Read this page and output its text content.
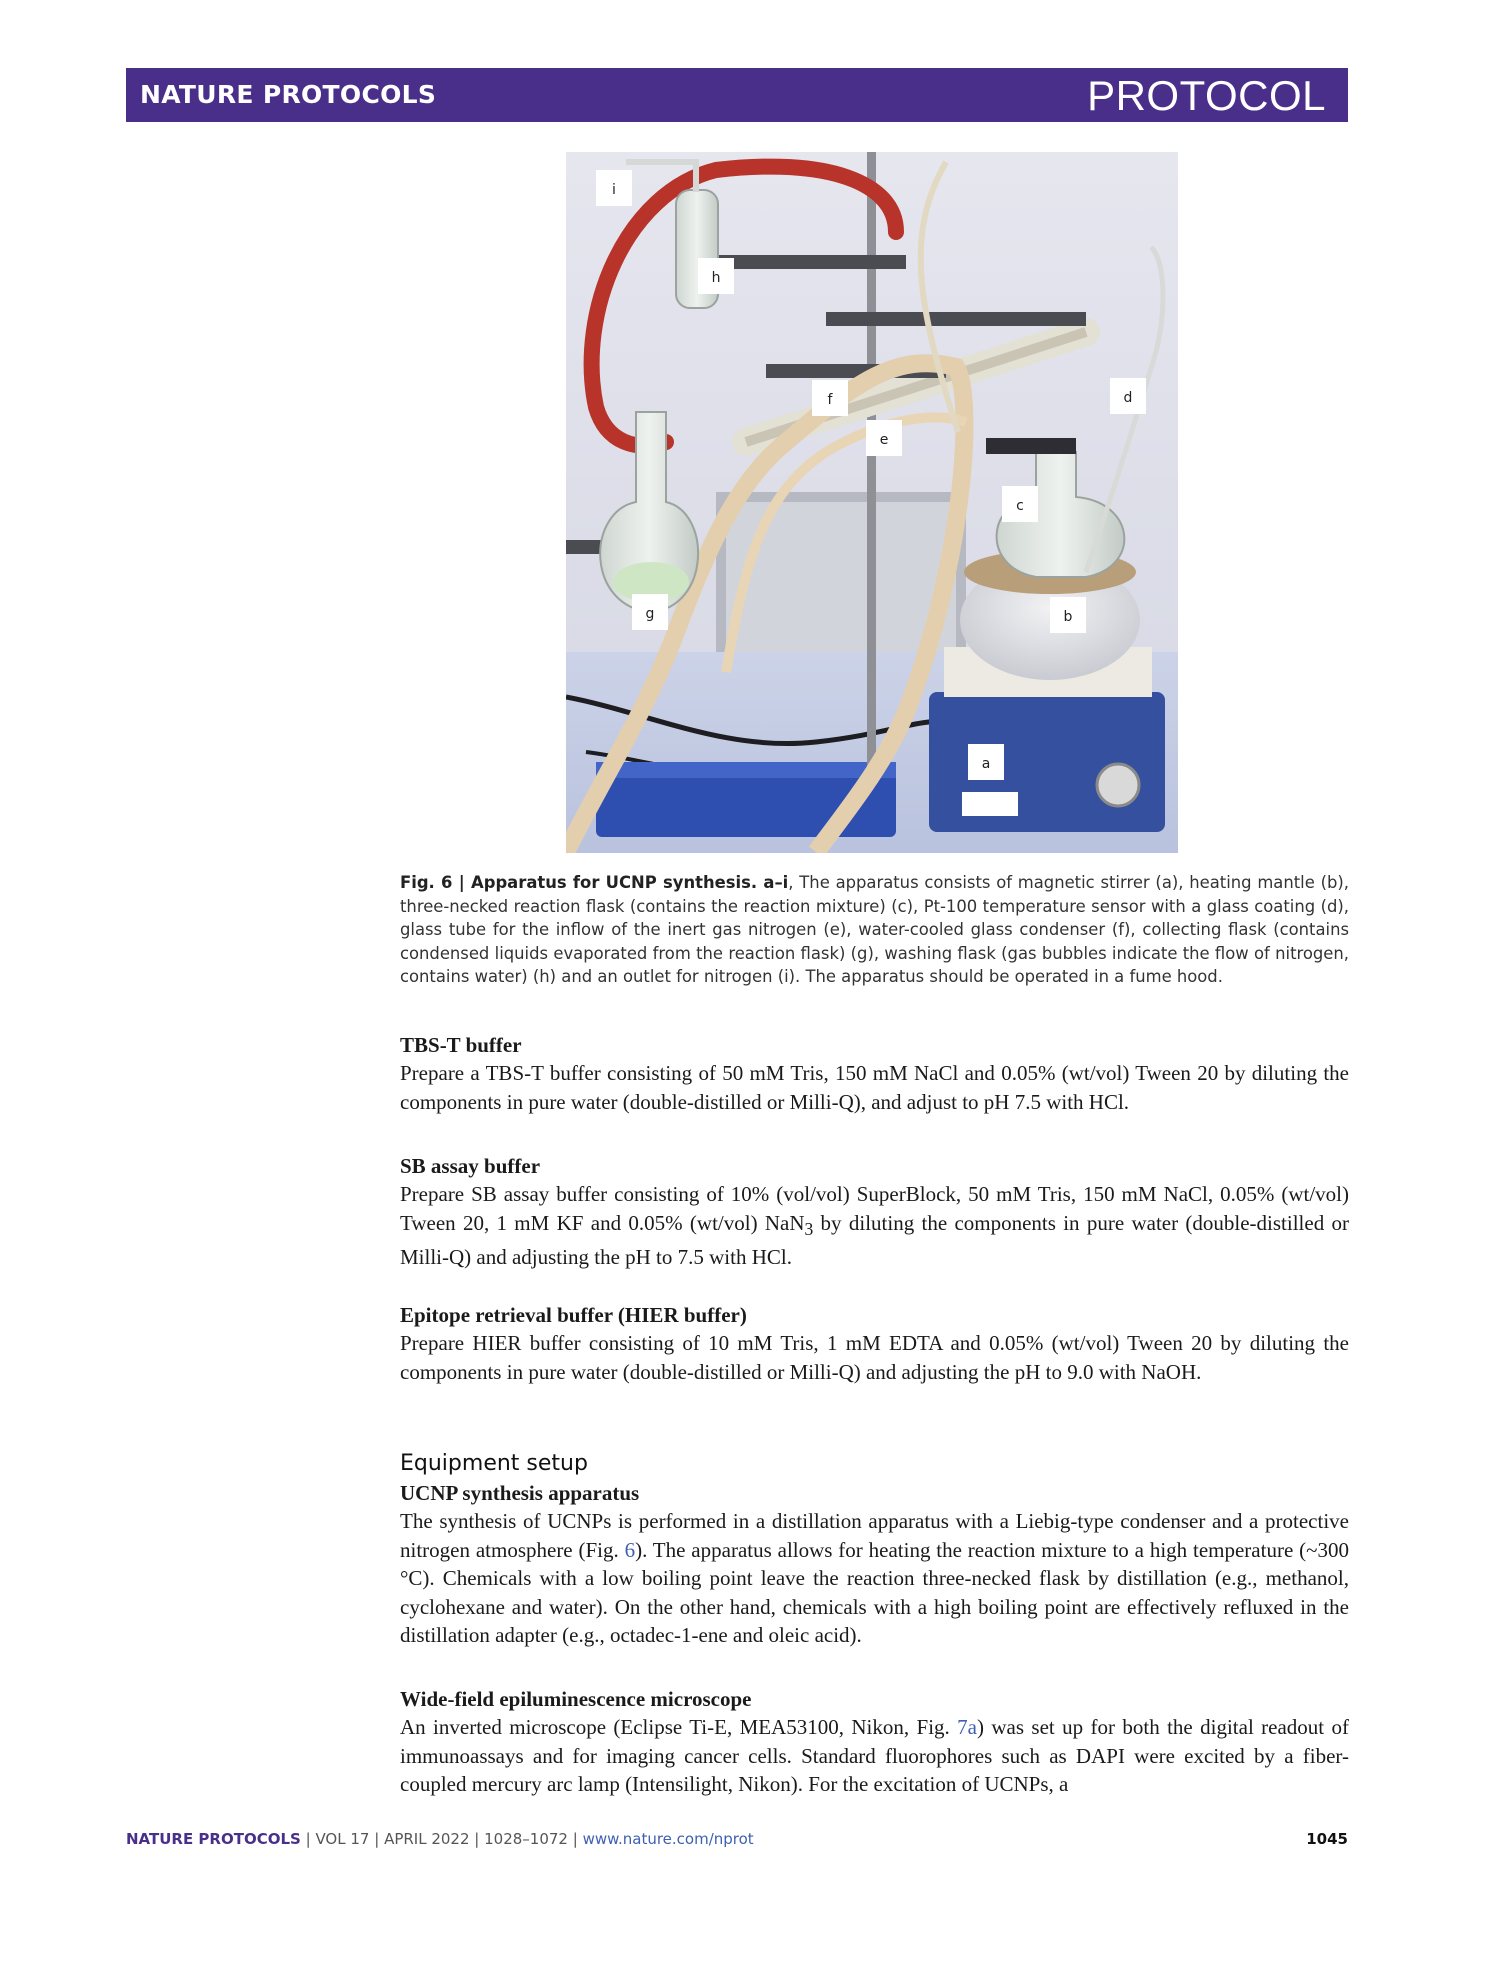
NATURE PROTOCOLS	PROTOCOL
i
h
f
e
d
c
g	b
a
Fig. 6 | Apparatus for UCNP synthesis. a–i, The apparatus consists of magnetic stirrer (a), heating mantle (b), three-necked reaction flask (contains the reaction mixture) (c), Pt-100 temperature sensor with a glass coating (d), glass tube for the inflow of the inert gas nitrogen (e), water-cooled glass condenser (f), collecting flask (contains condensed liquids evaporated from the reaction flask) (g), washing flask (gas bubbles indicate the flow of nitrogen, contains water) (h) and an outlet for nitrogen (i). The apparatus should be operated in a fume hood.
TBS-T buffer
Prepare a TBS-T buffer consisting of 50 mM Tris, 150 mM NaCl and 0.05% (wt/vol) Tween 20 by diluting the components in pure water (double-distilled or Milli-Q), and adjust to pH 7.5 with HCl.
SB assay buffer
Prepare SB assay buffer consisting of 10% (vol/vol) SuperBlock, 50 mM Tris, 150 mM NaCl, 0.05% (wt/vol) Tween 20, 1 mM KF and 0.05% (wt/vol) NaN$_3$ by diluting the components in pure water (double-distilled or Milli-Q) and adjusting the pH to 7.5 with HCl.
Epitope retrieval buffer (HIER buffer)
Prepare HIER buffer consisting of 10 mM Tris, 1 mM EDTA and 0.05% (wt/vol) Tween 20 by diluting the components in pure water (double-distilled or Milli-Q) and adjusting the pH to 9.0 with NaOH.
Equipment setup
UCNP synthesis apparatus
The synthesis of UCNPs is performed in a distillation apparatus with a Liebig-type condenser and a protective nitrogen atmosphere (Fig. 6). The apparatus allows for heating the reaction mixture to a high temperature (~300 °C). Chemicals with a low boiling point leave the reaction three-necked flask by distillation (e.g., methanol, cyclohexane and water). On the other hand, chemicals with a high boiling point are effectively refluxed in the distillation adapter (e.g., octadec-1-ene and oleic acid).
Wide-field epiluminescence microscope
An inverted microscope (Eclipse Ti-E, MEA53100, Nikon, Fig. 7a) was set up for both the digital readout of immunoassays and for imaging cancer cells. Standard fluorophores such as DAPI were excited by a fiber-coupled mercury arc lamp (Intensilight, Nikon). For the excitation of UCNPs, a
NATURE PROTOCOLS | VOL 17 | APRIL 2022 | 1028–1072 | www.nature.com/nprot	1045
